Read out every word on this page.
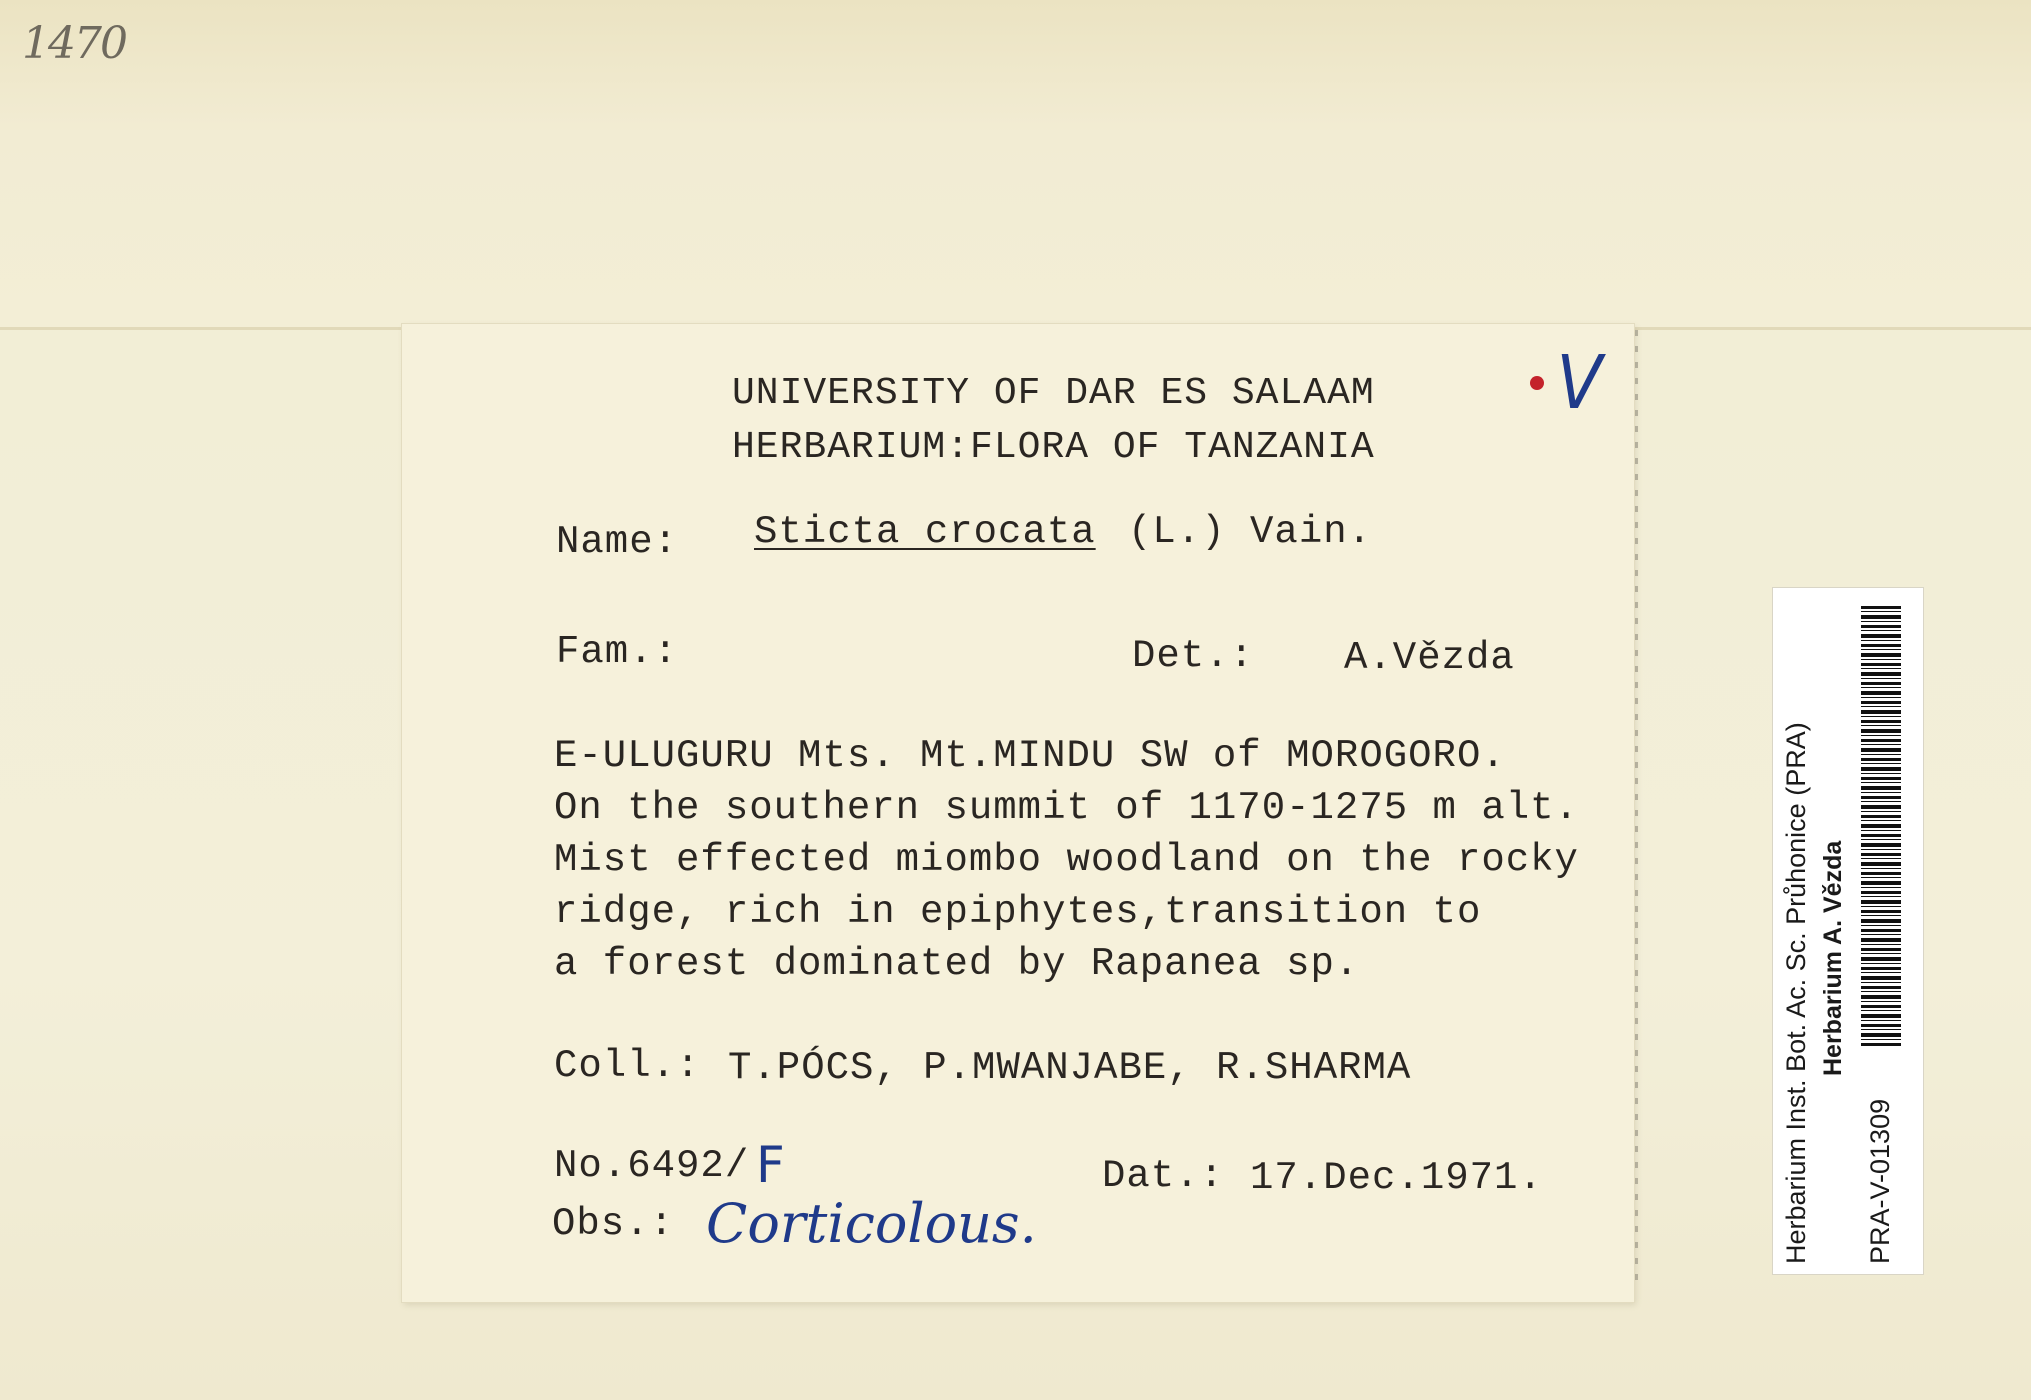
1470
V
UNIVERSITY OF DAR ES SALAAM
HERBARIUM:FLORA OF TANZANIA
Name: Sticta crocata (L.) Vain.
Fam.:	Det.: A.Vězda
E-ULUGURU Mts. Mt.MINDU SW of MOROGORO.
On the southern summit of 1170-1275 m alt.
Mist effected miombo woodland on the rocky
ridge, rich in epiphytes,transition to
a forest dominated by Rapanea sp.
Coll.: T.PÓCS, P.MWANJABE, R.SHARMA
No.6492/ F	Dat.: 17.Dec.1971.
Obs.: Corticolous.	Herbarium Inst. Bot. Ac. Sc. Průhonice (PRA) Herbarium A. Vězda
PRA-V-01309
